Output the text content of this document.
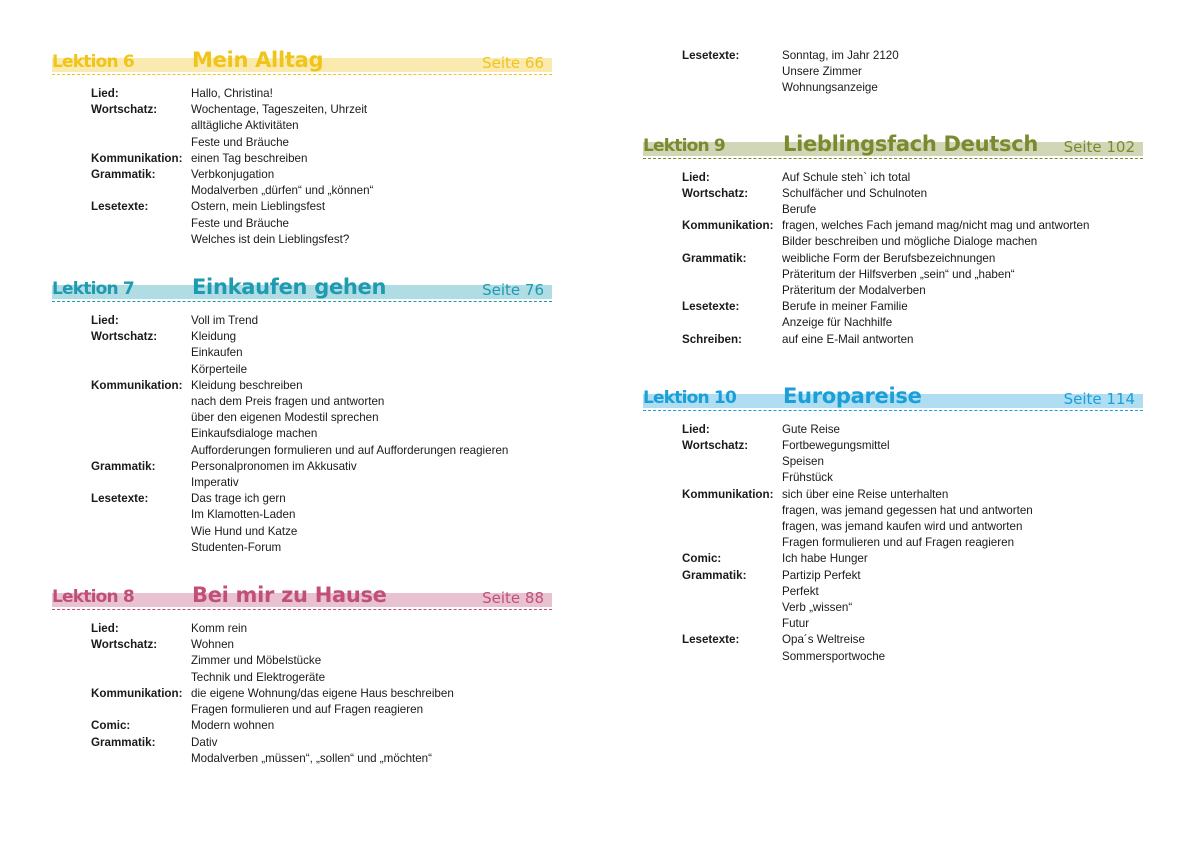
Lektion 6	Mein Alltag	Seite 66
Lied:	Hallo, Christina!
Wortschatz:	Wochentage, Tageszeiten, Uhrzeit
alltägliche Aktivitäten
Feste und Bräuche
Kommunikation: einen Tag beschreiben
Grammatik:	Verbkonjugation
Modalverben „dürfen“ und „können“
Lesetexte:	Ostern, mein Lieblingsfest
Feste und Bräuche
Welches ist dein Lieblingsfest?
Lektion 7	Einkaufen gehen	Seite 76
Lied:	Voll im Trend
Wortschatz:	Kleidung
Einkaufen
Körperteile
Kommunikation: Kleidung beschreiben
nach dem Preis fragen und antworten
über den eigenen Modestil sprechen
Einkaufsdialoge machen
Aufforderungen formulieren und auf Aufforderungen reagieren
Grammatik:	Personalpronomen im Akkusativ
Imperativ
Lesetexte:	Das trage ich gern
Im Klamotten-Laden
Wie Hund und Katze
Studenten-Forum
Lektion 8	Bei mir zu Hause	Seite 88
Lied:	Komm rein
Wortschatz:	Wohnen
Zimmer und Möbelstücke
Technik und Elektrogeräte
Kommunikation: die eigene Wohnung/das eigene Haus beschreiben
Fragen formulieren und auf Fragen reagieren
Comic:	Modern wohnen
Grammatik:	Dativ
Modalverben „müssen“, „sollen“ und „möchten“
Lesetexte:	Sonntag, im Jahr 2120
Unsere Zimmer
Wohnungsanzeige
Lektion 9	Lieblingsfach Deutsch Seite 102
Lied:	Auf Schule steh` ich total
Wortschatz:	Schulfächer und Schulnoten
Berufe
Kommunikation: fragen, welches Fach jemand mag/nicht mag und antworten
Bilder beschreiben und mögliche Dialoge machen
Grammatik:	weibliche Form der Berufsbezeichnungen
Präteritum der Hilfsverben „sein“ und „haben“
Präteritum der Modalverben
Lesetexte:	Berufe in meiner Familie
Anzeige für Nachhilfe
Schreiben:	auf eine E-Mail antworten
Lektion 10 Europareise	Seite 114
Lied:	Gute Reise
Wortschatz:	Fortbewegungsmittel
Speisen
Frühstück
Kommunikation: sich über eine Reise unterhalten
fragen, was jemand gegessen hat und antworten
fragen, was jemand kaufen wird und antworten
Fragen formulieren und auf Fragen reagieren
Comic:	Ich habe Hunger
Grammatik:	Partizip Perfekt
Perfekt
Verb „wissen“
Futur
Lesetexte:	Opa´s Weltreise
Sommersportwoche
